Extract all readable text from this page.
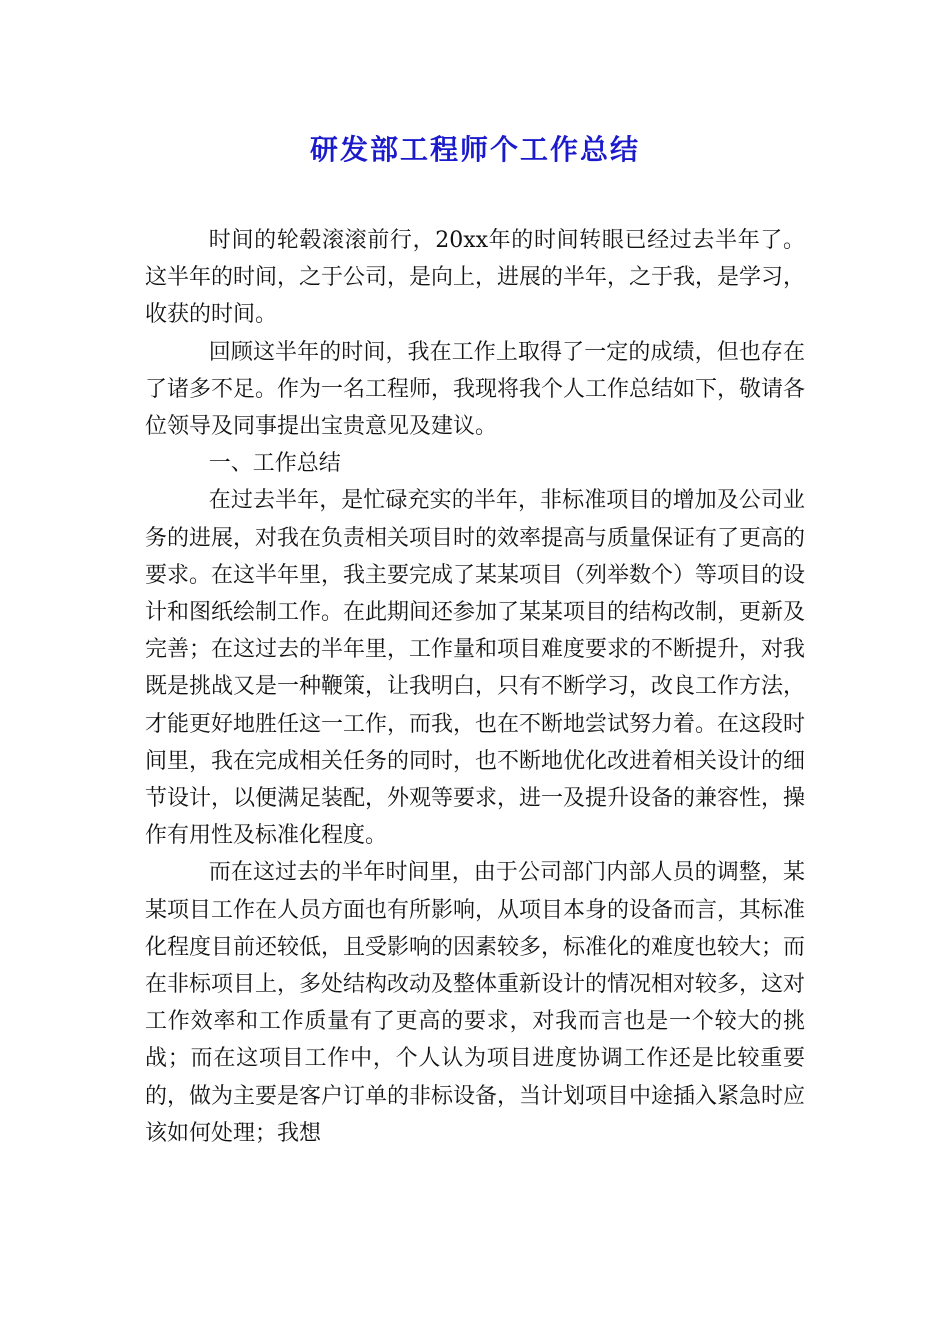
研发部工程师个工作总结

时间的轮毂滚滚前行，20xx年的时间转眼已经过去半年了。这半年的时间，之于公司，是向上，进展的半年，之于我，是学习，收获的时间。

回顾这半年的时间，我在工作上取得了一定的成绩，但也存在了诸多不足。作为一名工程师，我现将我个人工作总结如下，敬请各位领导及同事提出宝贵意见及建议。

一、工作总结

在过去半年，是忙碌充实的半年，非标准项目的增加及公司业务的进展，对我在负责相关项目时的效率提高与质量保证有了更高的要求。在这半年里，我主要完成了某某项目（列举数个）等项目的设计和图纸绘制工作。在此期间还参加了某某项目的结构改制，更新及完善；在这过去的半年里，工作量和项目难度要求的不断提升，对我既是挑战又是一种鞭策，让我明白，只有不断学习，改良工作方法，才能更好地胜任这一工作，而我，也在不断地尝试努力着。在这段时间里，我在完成相关任务的同时，也不断地优化改进着相关设计的细节设计，以便满足装配，外观等要求，进一及提升设备的兼容性，操作有用性及标准化程度。

而在这过去的半年时间里，由于公司部门内部人员的调整，某某项目工作在人员方面也有所影响，从项目本身的设备而言，其标准化程度目前还较低，且受影响的因素较多，标准化的难度也较大；而在非标项目上，多处结构改动及整体重新设计的情况相对较多，这对工作效率和工作质量有了更高的要求，对我而言也是一个较大的挑战；而在这项目工作中，个人认为项目进度协调工作还是比较重要的，做为主要是客户订单的非标设备，当计划项目中途插入紧急时应该如何处理；我想
